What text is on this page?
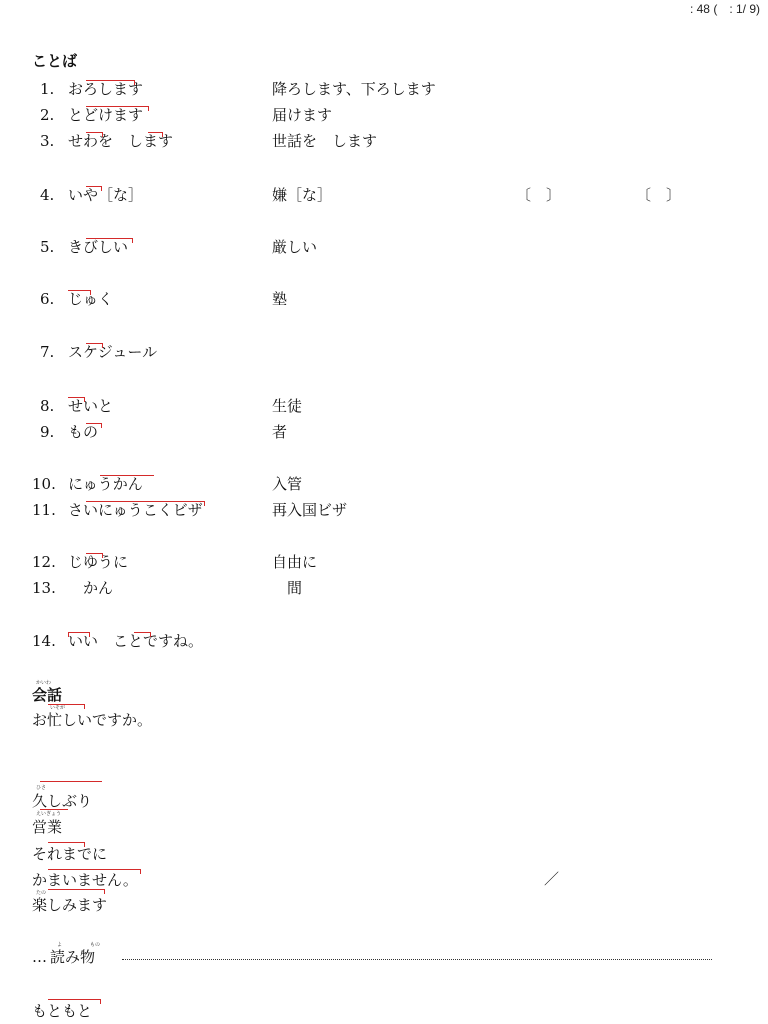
: 48 (　: 1/ 9)
ことば
1. おろします	降ろします、下ろします
2. とどけます	届けます
3. せわを　します	世話を　します
4. いや［な］	嫌［な］	〔　〕	〔　〕
5. きびしい	厳しい
6. じゅく	塾
7. スケジュール
8. せいと	生徒
9. もの	者
10. にゅうかん	入管
11. さいにゅうこくビザ	再入国ビザ
12. じゆうに	自由に
13. 　かん	　間
14. いい　ことですね。
かいわ
会話
いそが
お忙しいですか。
ひさ
久しぶり
えいぎょう
営業
それまでに
かまいません。
たの
楽しみます
／
よ	もの
… 読み物
もともと
